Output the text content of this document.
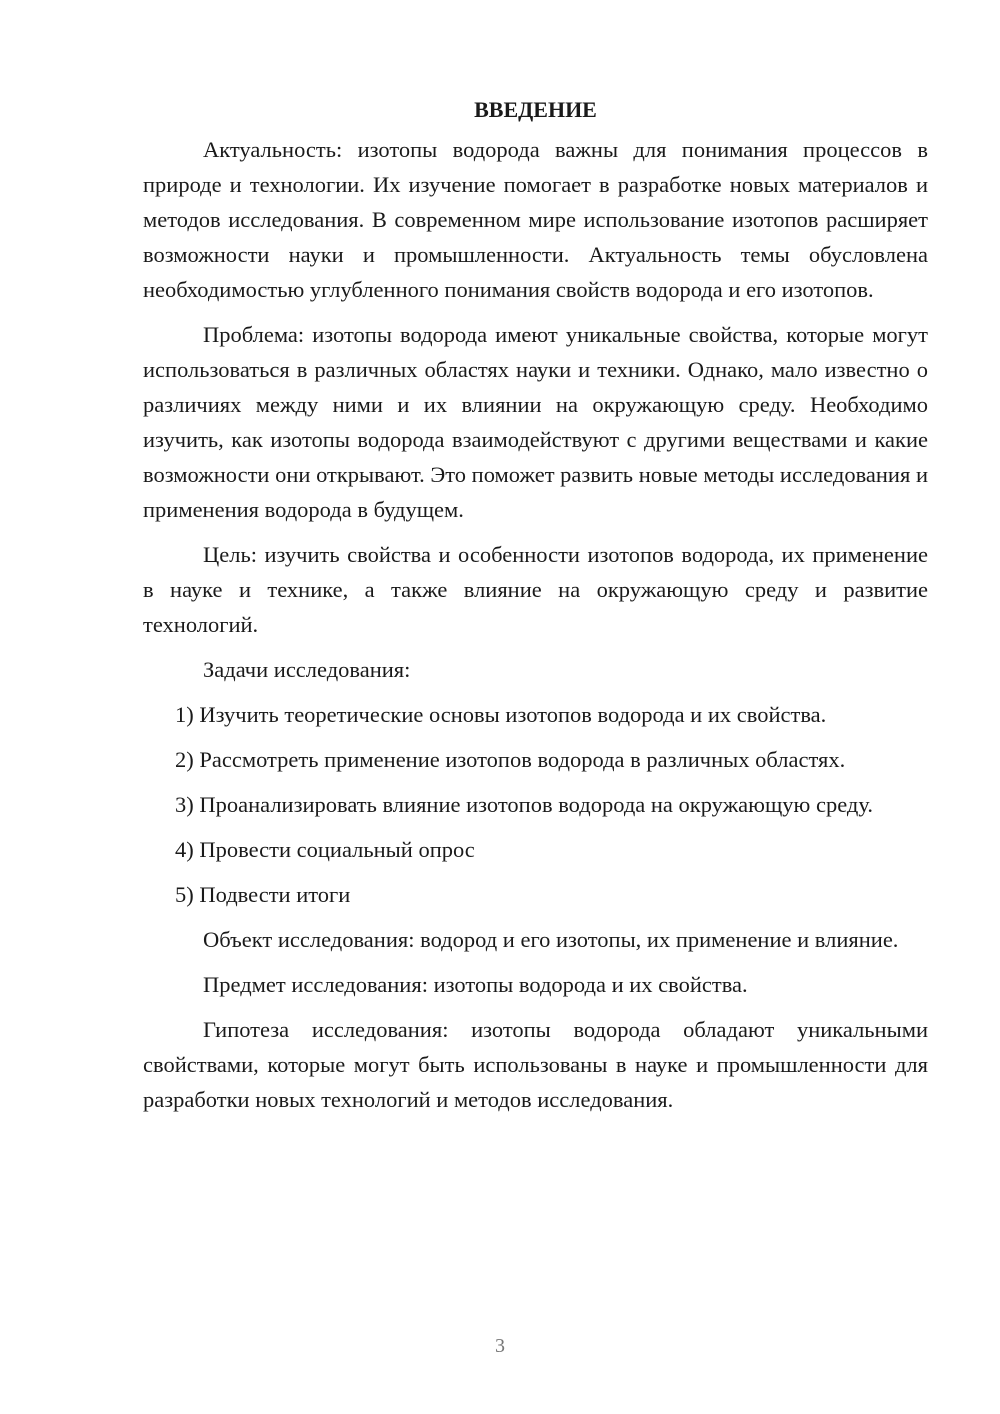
ВВЕДЕНИЕ

Актуальность: изотопы водорода важны для понимания процессов в природе и технологии. Их изучение помогает в разработке новых материалов и методов исследования. В современном мире использование изотопов расширяет возможности науки и промышленности. Актуальность темы обусловлена необходимостью углубленного понимания свойств водорода и его изотопов.

Проблема: изотопы водорода имеют уникальные свойства, которые могут использоваться в различных областях науки и техники. Однако, мало известно о различиях между ними и их влиянии на окружающую среду. Необходимо изучить, как изотопы водорода взаимодействуют с другими веществами и какие возможности они открывают. Это поможет развить новые методы исследования и применения водорода в будущем.

Цель: изучить свойства и особенности изотопов водорода, их применение в науке и технике, а также влияние на окружающую среду и развитие технологий.

Задачи исследования:

1) Изучить теоретические основы изотопов водорода и их свойства.

2) Рассмотреть применение изотопов водорода в различных областях.

3) Проанализировать влияние изотопов водорода на окружающую среду.

4) Провести социальный опрос

5) Подвести итоги

Объект исследования: водород и его изотопы, их применение и влияние.

Предмет исследования: изотопы водорода и их свойства.

Гипотеза исследования: изотопы водорода обладают уникальными свойствами, которые могут быть использованы в науке и промышленности для разработки новых технологий и методов исследования.

3
